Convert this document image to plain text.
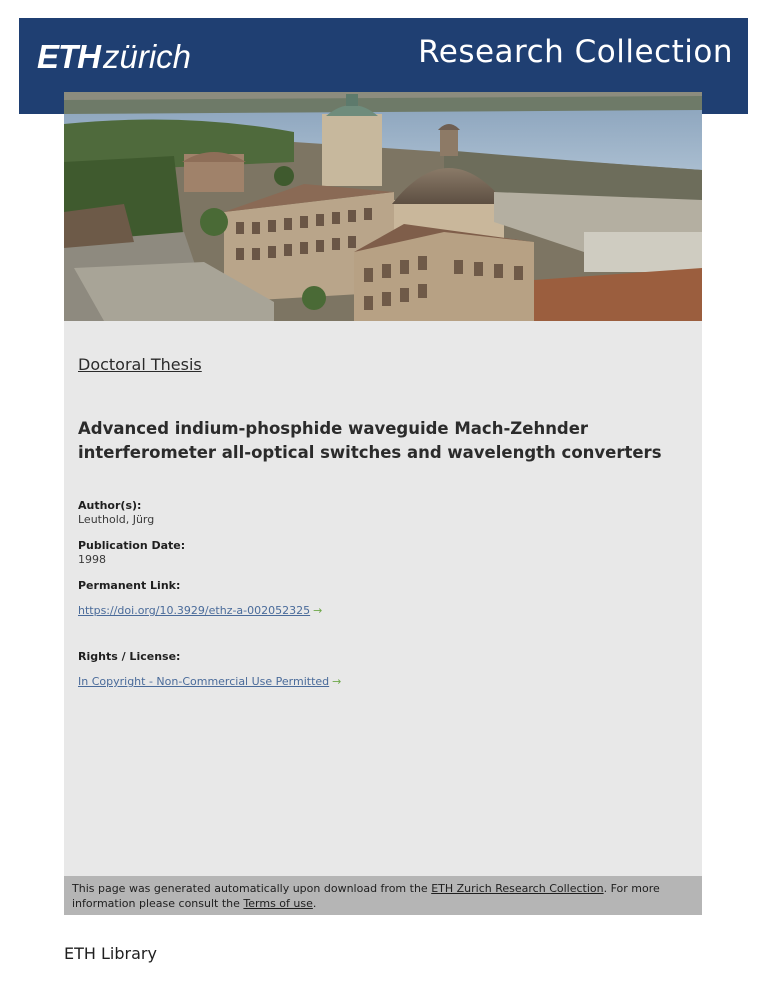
ETH zürich	Research Collection
Doctoral Thesis
Advanced indium-phosphide waveguide Mach-Zehnder interferometer all-optical switches and wavelength converters
Author(s):
Leuthold, Jürg
Publication Date:
1998
Permanent Link:
https://doi.org/10.3929/ethz-a-002052325 →
Rights / License:
In Copyright - Non-Commercial Use Permitted →

This page was generated automatically upon download from the ETH Zurich Research Collection. For more information please consult the Terms of use.

ETH Library
